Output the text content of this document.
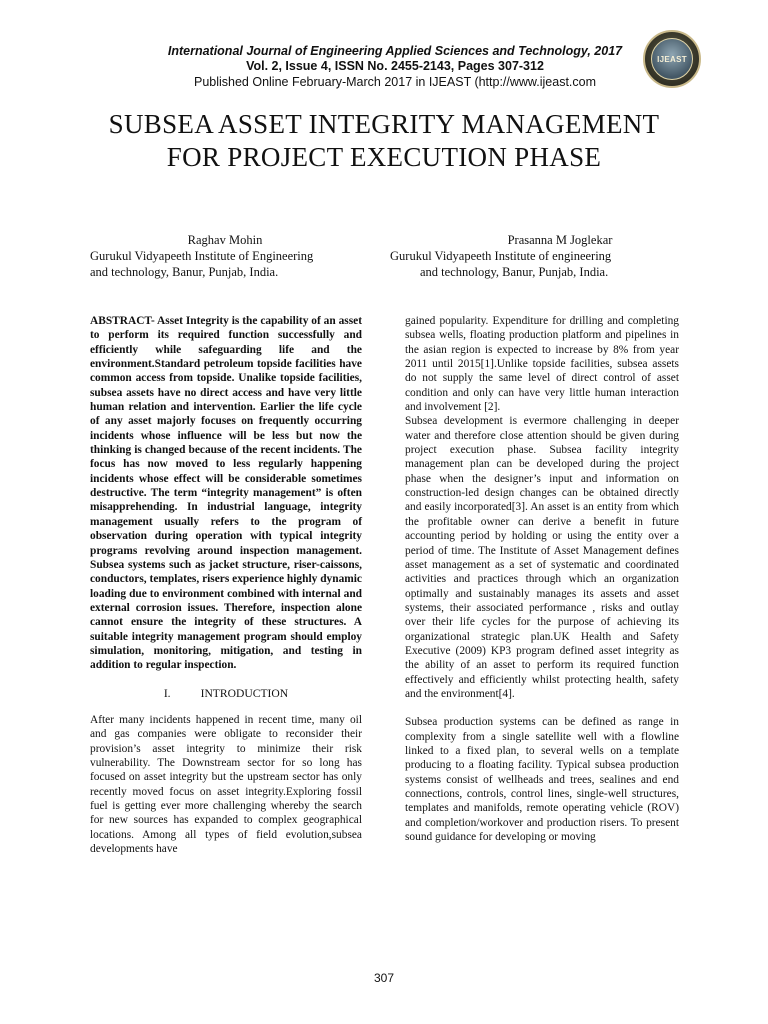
International Journal of Engineering Applied Sciences and Technology, 2017
Vol. 2, Issue 4, ISSN No. 2455-2143, Pages 307-312
Published Online February-March 2017 in IJEAST (http://www.ijeast.com
IJEAST
SUBSEA ASSET INTEGRITY MANAGEMENT FOR PROJECT EXECUTION PHASE
Raghav Mohin
Gurukul Vidyapeeth Institute of Engineering
and technology, Banur, Punjab, India.
Prasanna M Joglekar
Gurukul Vidyapeeth Institute of engineering
and technology, Banur, Punjab, India.

ABSTRACT- Asset Integrity is the capability of an asset to perform its required function successfully and efficiently while safeguarding life and the environment.Standard petroleum topside facilities have common access from topside. Unalike topside facilities, subsea assets have no direct access and have very little human relation and intervention. Earlier the life cycle of any asset majorly focuses on frequently occurring incidents whose influence will be less but now the thinking is changed because of the recent incidents. The focus has now moved to less regularly happening incidents whose effect will be considerable sometimes destructive. The term “integrity management” is often misapprehending. In industrial language, integrity management usually refers to the program of observation during operation with typical integrity programs revolving around inspection management. Subsea systems such as jacket structure, riser-caissons, conductors, templates, risers experience highly dynamic loading due to environment combined with internal and external corrosion issues. Therefore, inspection alone cannot ensure the integrity of these structures. A suitable integrity management program should employ simulation, monitoring, mitigation, and testing in addition to regular inspection.

I.	INTRODUCTION

After many incidents happened in recent time, many oil and gas companies were obligate to reconsider their provision’s asset integrity to minimize their risk vulnerability. The Downstream sector for so long has focused on asset integrity but the upstream sector has only recently moved focus on asset integrity.Exploring fossil fuel is getting ever more challenging whereby the search for new sources has expanded to complex geographical locations. Among all types of field evolution,subsea developments have

gained popularity. Expenditure for drilling and completing subsea wells, floating production platform and pipelines in the asian region is expected to increase by 8% from year 2011 until 2015[1].Unlike topside facilities, subsea assets do not supply the same level of direct control of asset condition and only can have very little human interaction and involvement [2].

Subsea development is evermore challenging in deeper water and therefore close attention should be given during project execution phase. Subsea facility integrity management plan can be developed during the project phase when the designer’s input and information on construction-led design changes can be obtained directly and easily incorporated[3]. An asset is an entity from which the profitable owner can derive a benefit in future accounting period by holding or using the entity over a period of time. The Institute of Asset Management defines asset management as a set of systematic and coordinated activities and practices through which an organization optimally and sustainably manages its assets and asset systems, their associated performance , risks and outlay over their life cycles for the purpose of achieving its organizational strategic plan.UK Health and Safety Executive (2009) KP3 program defined asset integrity as the ability of an asset to perform its required function effectively and efficiently whilst protecting health, safety and the environment[4].

Subsea production systems can be defined as range in complexity from a single satellite well with a flowline linked to a fixed plan, to several wells on a template producing to a floating facility. Typical subsea production systems consist of wellheads and trees, sealines and end connections, controls, control lines, single-well structures, templates and manifolds, remote operating vehicle (ROV) and completion/workover and production risers. To present sound guidance for developing or moving

307
